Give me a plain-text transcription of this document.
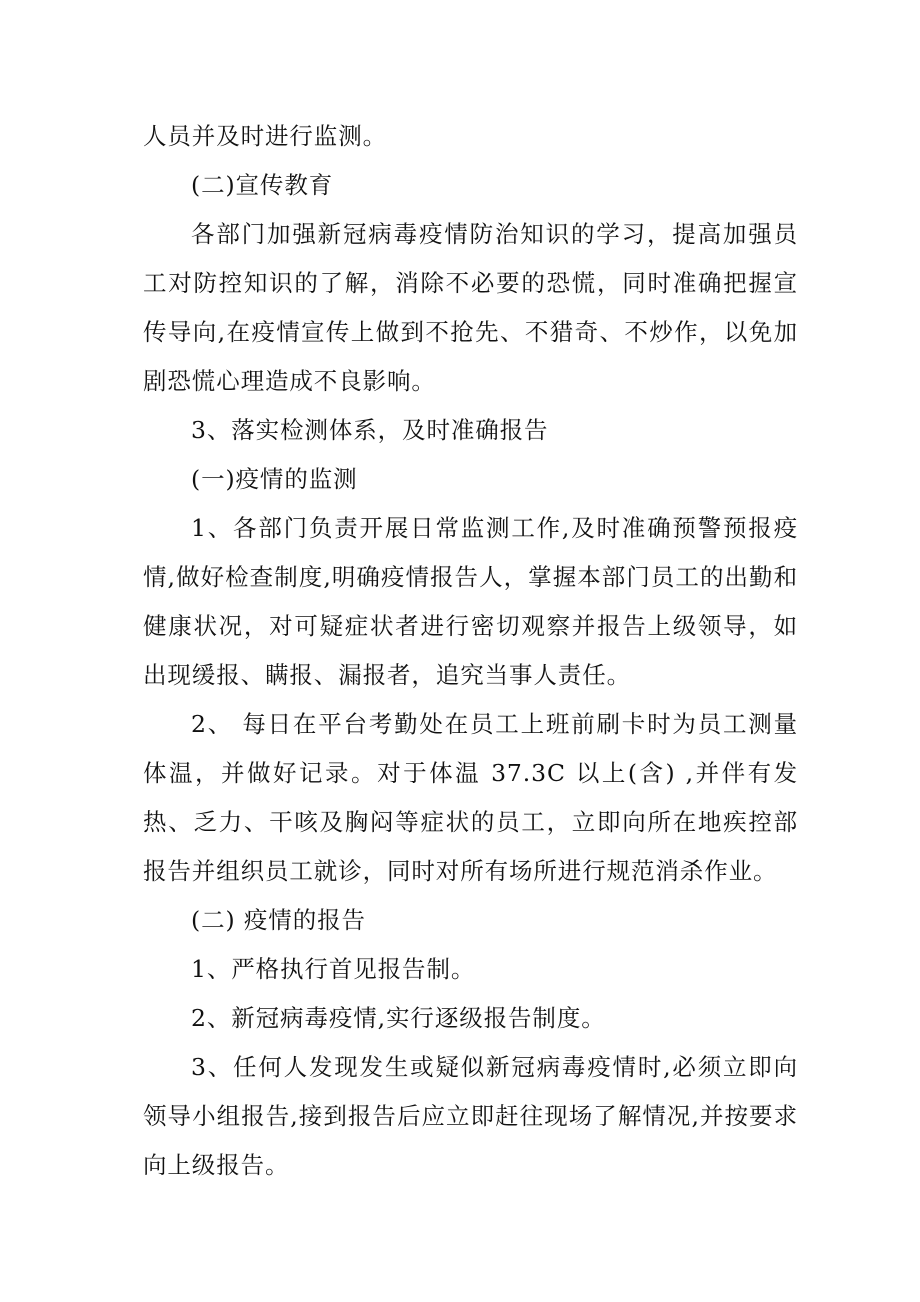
人员并及时进行监测。

(二)宣传教育

各部门加强新冠病毒疫情防治知识的学习，提高加强员工对防控知识的了解，消除不必要的恐慌，同时准确把握宣传导向,在疫情宣传上做到不抢先、不猎奇、不炒作，以免加剧恐慌心理造成不良影响。

3、落实检测体系，及时准确报告

(一)疫情的监测

1、各部门负责开展日常监测工作,及时准确预警预报疫情,做好检查制度,明确疫情报告人，掌握本部门员工的出勤和健康状况，对可疑症状者进行密切观察并报告上级领导，如出现缓报、瞒报、漏报者，追究当事人责任。

2、 每日在平台考勤处在员工上班前刷卡时为员工测量体温，并做好记录。对于体温 37.3C 以上(含) ,并伴有发热、乏力、干咳及胸闷等症状的员工，立即向所在地疾控部报告并组织员工就诊，同时对所有场所进行规范消杀作业。

(二) 疫情的报告

1、严格执行首见报告制。

2、新冠病毒疫情,实行逐级报告制度。

3、任何人发现发生或疑似新冠病毒疫情时,必须立即向领导小组报告,接到报告后应立即赶往现场了解情况,并按要求向上级报告。
